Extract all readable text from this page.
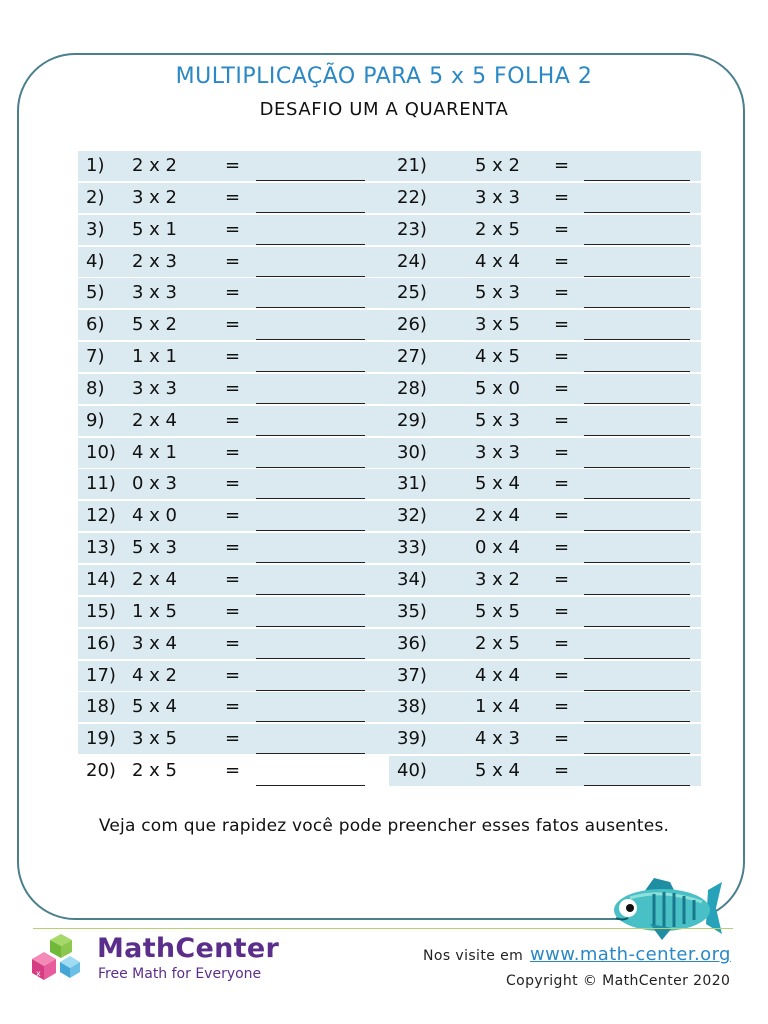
MULTIPLICAÇÃO PARA 5 x 5 FOLHA 2
DESAFIO UM A QUARENTA
1) 2 x 2	=
2) 3 x 2	=
3) 5 x 1	=
4) 2 x 3	=
5) 3 x 3	=
6) 5 x 2	=
7) 1 x 1	=
8) 3 x 3	=
9) 2 x 4	=
10) 4 x 1	=
11) 0 x 3	=
12) 4 x 0	=
13) 5 x 3	=
14) 2 x 4	=
15) 1 x 5	=
16) 3 x 4	=
17) 4 x 2	=
18) 5 x 4	=
19) 3 x 5	=
20) 2 x 5	=
21)	5 x 2 =
22)	3 x 3 =
23)	2 x 5 =
24)	4 x 4 =
25)	5 x 3 =
26)	3 x 5 =
27)	4 x 5 =
28)	5 x 0 =
29)	5 x 3 =
30)	3 x 3 =
31)	5 x 4 =
32)	2 x 4 =
33)	0 x 4 =
34)	3 x 2 =
35)	5 x 5 =
36)	2 x 5 =
37)	4 x 4 =
38)	1 x 4 =
39)	4 x 3 =
40)	5 x 4 =
Veja com que rapidez você pode preencher esses fatos ausentes.
x
MathCenter
Free Math for Everyone
Nos visite em www.math-center.org
Copyright © MathCenter 2020
